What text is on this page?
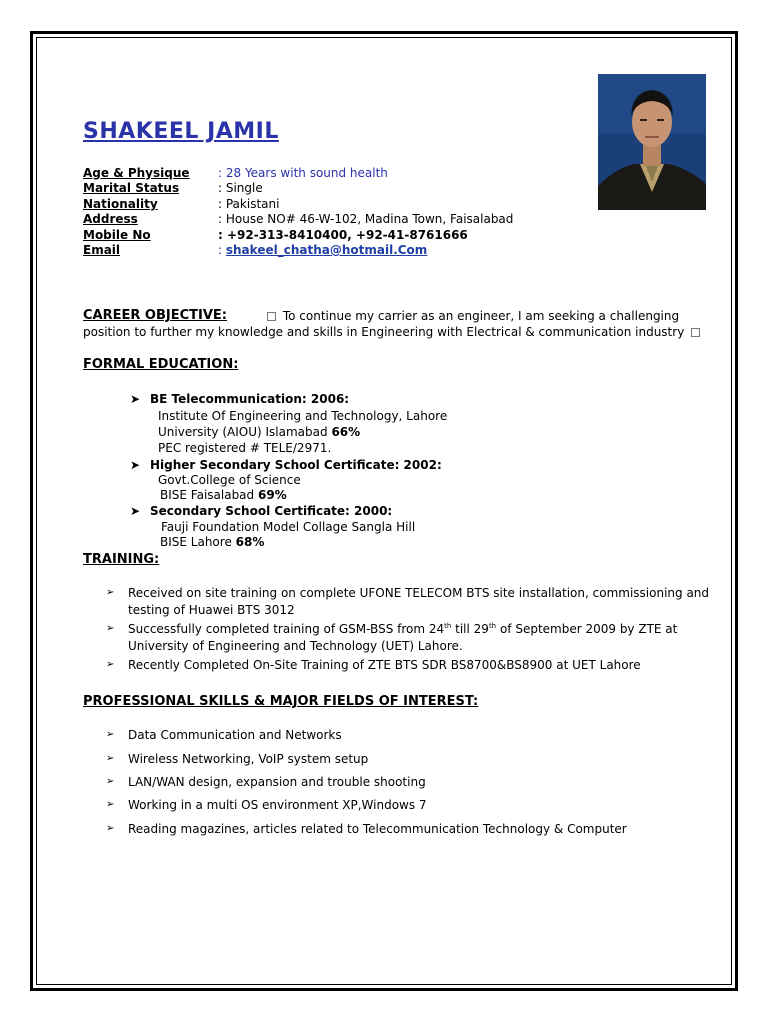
SHAKEEL JAMIL
Age & Physique : 28 Years with sound health
Marital Status	: Single
Nationality	: Pakistani
Address	: House NO# 46-W-102, Madina Town, Faisalabad
Mobile No	: +92-313-8410400, +92-41-8761666
Email	: shakeel_chatha@hotmail.Com
CAREER OBJECTIVE:	To continue my carrier as an engineer, I am seeking a challenging
position to further my knowledge and skills in Engineering with Electrical & communication industry
FORMAL EDUCATION:
➤ BE Telecommunication: 2006:
Institute Of Engineering and Technology, Lahore
University (AIOU) Islamabad 66%
PEC registered # TELE/2971.
➤ Higher Secondary School Certificate: 2002:
Govt.College of Science
BISE Faisalabad 69%
➤ Secondary School Certificate: 2000:
Fauji Foundation Model Collage Sangla Hill
BISE Lahore 68%
TRAINING:
➢ Received on site training on complete UFONE TELECOM BTS site installation, commissioning and
testing of Huawei BTS 3012
➢ Successfully completed training of GSM-BSS from 24th till 29th of September 2009 by ZTE at
University of Engineering and Technology (UET) Lahore.
➢ Recently Completed On-Site Training of ZTE BTS SDR BS8700&BS8900 at UET Lahore
PROFESSIONAL SKILLS & MAJOR FIELDS OF INTEREST:
➢ Data Communication and Networks
➢ Wireless Networking, VoIP system setup
➢ LAN/WAN design, expansion and trouble shooting
➢ Working in a multi OS environment XP,Windows 7
➢ Reading magazines, articles related to Telecommunication Technology & Computer
